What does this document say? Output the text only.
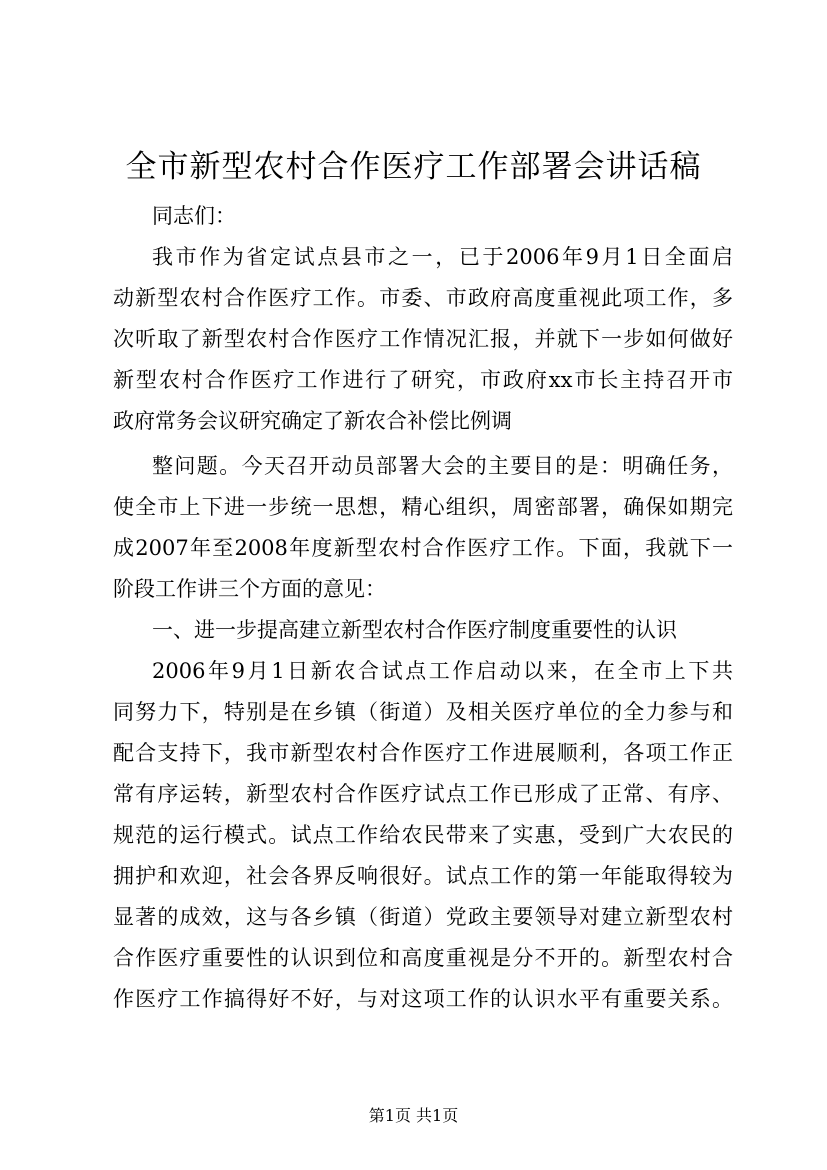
全市新型农村合作医疗工作部署会讲话稿
同志们：
我市作为省定试点县市之一，已于2006年9月1日全面启
动新型农村合作医疗工作。市委、市政府高度重视此项工作，多
次听取了新型农村合作医疗工作情况汇报，并就下一步如何做好
新型农村合作医疗工作进行了研究，市政府xx市长主持召开市
政府常务会议研究确定了新农合补偿比例调
整问题。今天召开动员部署大会的主要目的是：明确任务，
使全市上下进一步统一思想，精心组织，周密部署，确保如期完
成2007年至2008年度新型农村合作医疗工作。下面，我就下一
阶段工作讲三个方面的意见：
一、进一步提高建立新型农村合作医疗制度重要性的认识
2006年9月1日新农合试点工作启动以来，在全市上下共
同努力下，特别是在乡镇（街道）及相关医疗单位的全力参与和
配合支持下，我市新型农村合作医疗工作进展顺利，各项工作正
常有序运转，新型农村合作医疗试点工作已形成了正常、有序、
规范的运行模式。试点工作给农民带来了实惠，受到广大农民的
拥护和欢迎，社会各界反响很好。试点工作的第一年能取得较为
显著的成效，这与各乡镇（街道）党政主要领导对建立新型农村
合作医疗重要性的认识到位和高度重视是分不开的。新型农村合
作医疗工作搞得好不好，与对这项工作的认识水平有重要关系。
第1页 共1页
